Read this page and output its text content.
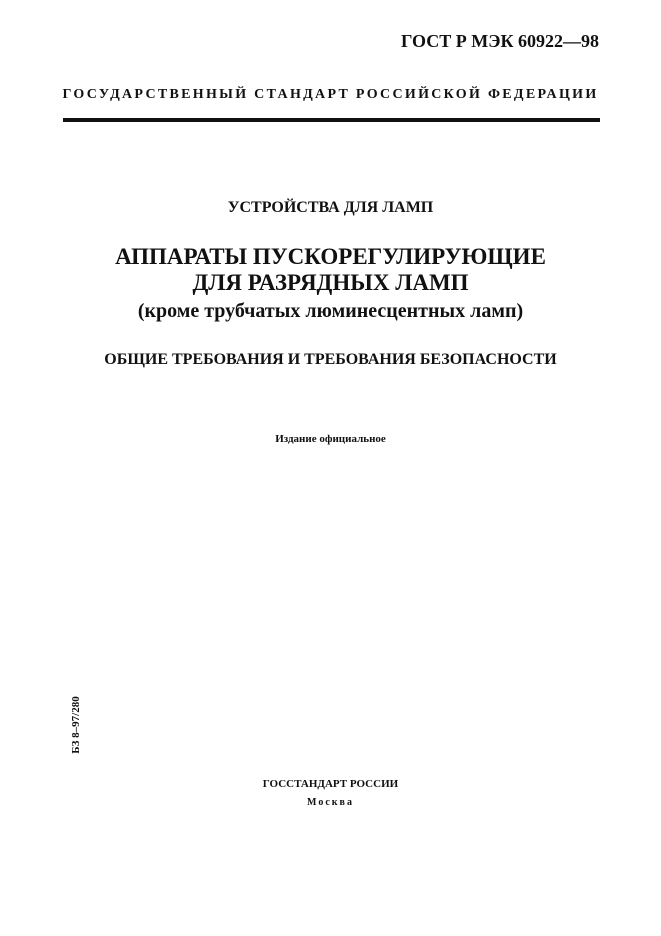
ГОСТ Р МЭК 60922—98
ГОСУДАРСТВЕННЫЙ СТАНДАРТ РОССИЙСКОЙ ФЕДЕРАЦИИ
УСТРОЙСТВА ДЛЯ ЛАМП
АППАРАТЫ ПУСКОРЕГУЛИРУЮЩИЕ
ДЛЯ РАЗРЯДНЫХ ЛАМП
(кроме трубчатых люминесцентных ламп)
ОБЩИЕ ТРЕБОВАНИЯ И ТРЕБОВАНИЯ БЕЗОПАСНОСТИ
Издание официальное
БЗ 8–97/280
ГОССТАНДАРТ РОССИИ
Москва
